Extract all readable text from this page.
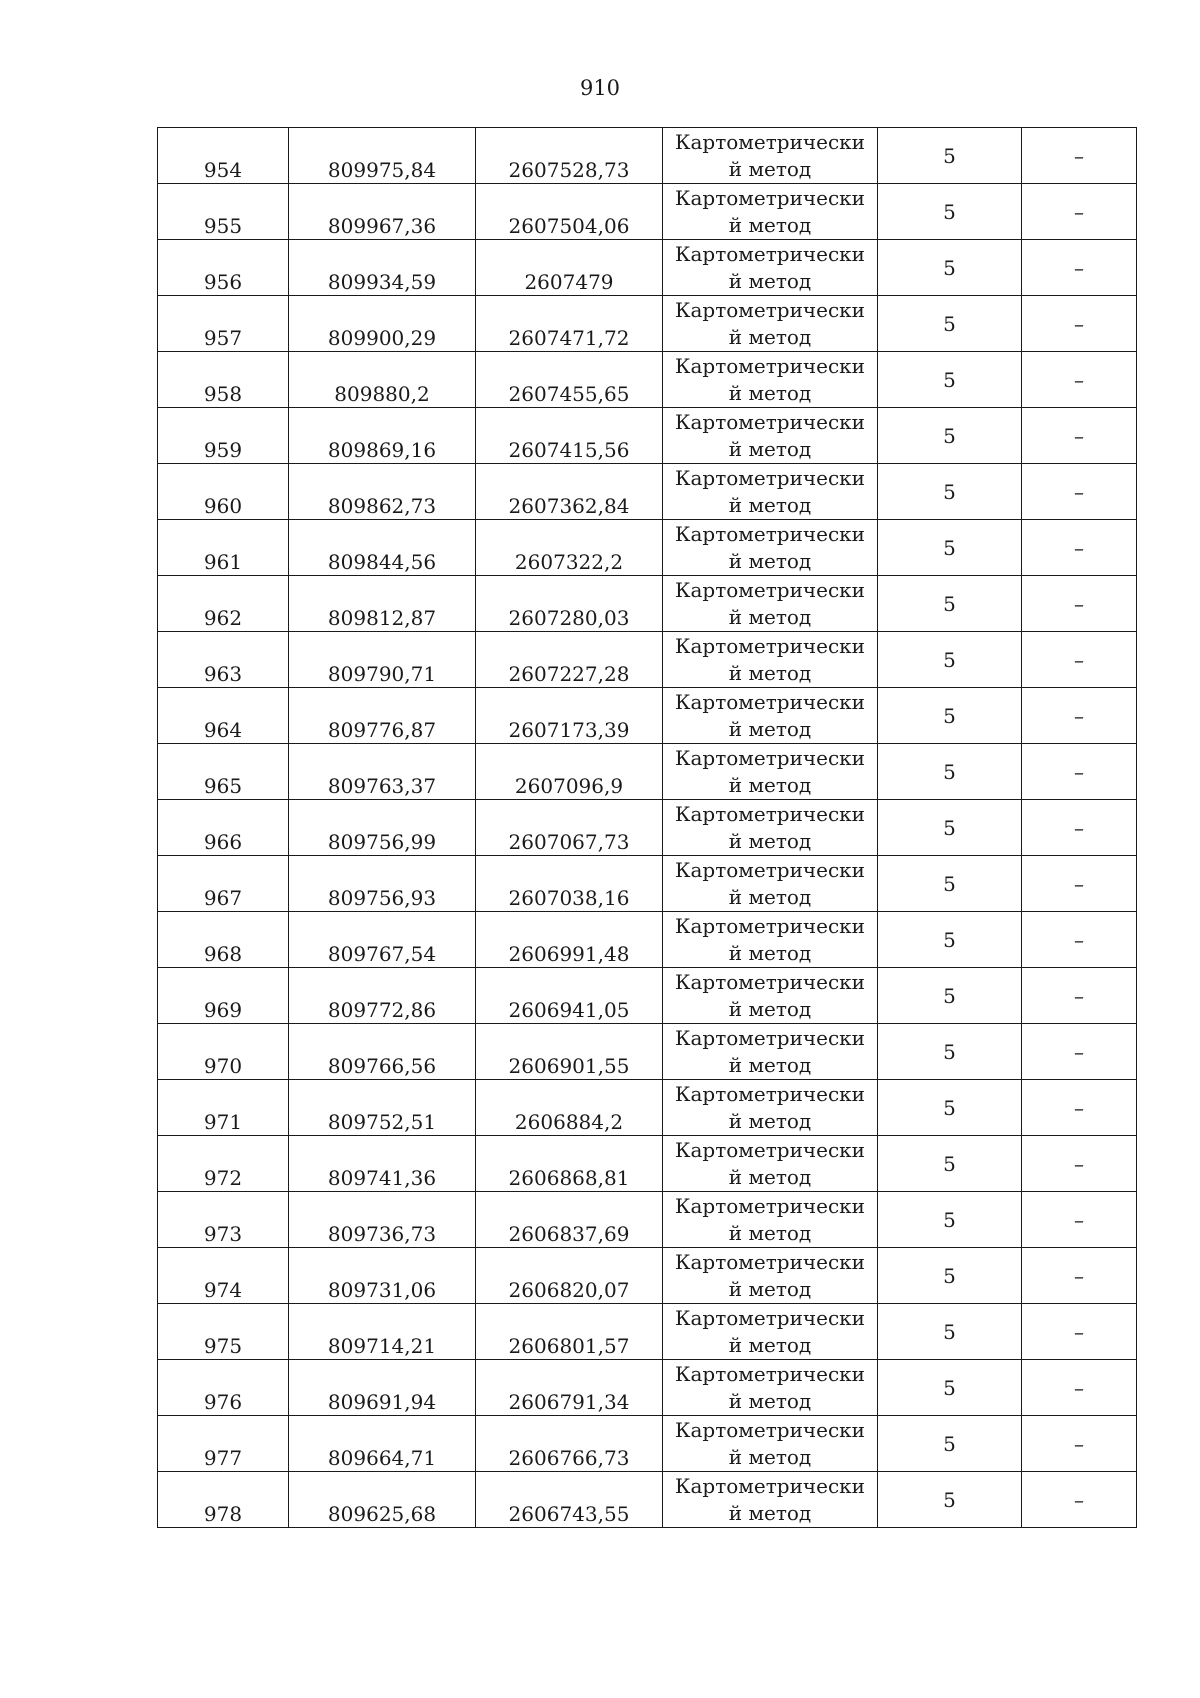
910
954	809975,84	2607528,73	Картометрически
й метод	5	–
955	809967,36	2607504,06	Картометрически
й метод	5	–
956	809934,59	2607479	Картометрически
й метод	5	–
957	809900,29	2607471,72	Картометрически
й метод	5	–
958	809880,2	2607455,65	Картометрически
й метод	5	–
959	809869,16	2607415,56	Картометрически
й метод	5	–
960	809862,73	2607362,84	Картометрически
й метод	5	–
961	809844,56	2607322,2	Картометрически
й метод	5	–
962	809812,87	2607280,03	Картометрически
й метод	5	–
963	809790,71	2607227,28	Картометрически
й метод	5	–
964	809776,87	2607173,39	Картометрически
й метод	5	–
965	809763,37	2607096,9	Картометрически
й метод	5	–
966	809756,99	2607067,73	Картометрически
й метод	5	–
967	809756,93	2607038,16	Картометрически
й метод	5	–
968	809767,54	2606991,48	Картометрически
й метод	5	–
969	809772,86	2606941,05	Картометрически
й метод	5	–
970	809766,56	2606901,55	Картометрически
й метод	5	–
971	809752,51	2606884,2	Картометрически
й метод	5	–
972	809741,36	2606868,81	Картометрически
й метод	5	–
973	809736,73	2606837,69	Картометрически
й метод	5	–
974	809731,06	2606820,07	Картометрически
й метод	5	–
975	809714,21	2606801,57	Картометрически
й метод	5	–
976	809691,94	2606791,34	Картометрически
й метод	5	–
977	809664,71	2606766,73	Картометрически
й метод	5	–
978	809625,68	2606743,55	Картометрически
й метод	5	–
